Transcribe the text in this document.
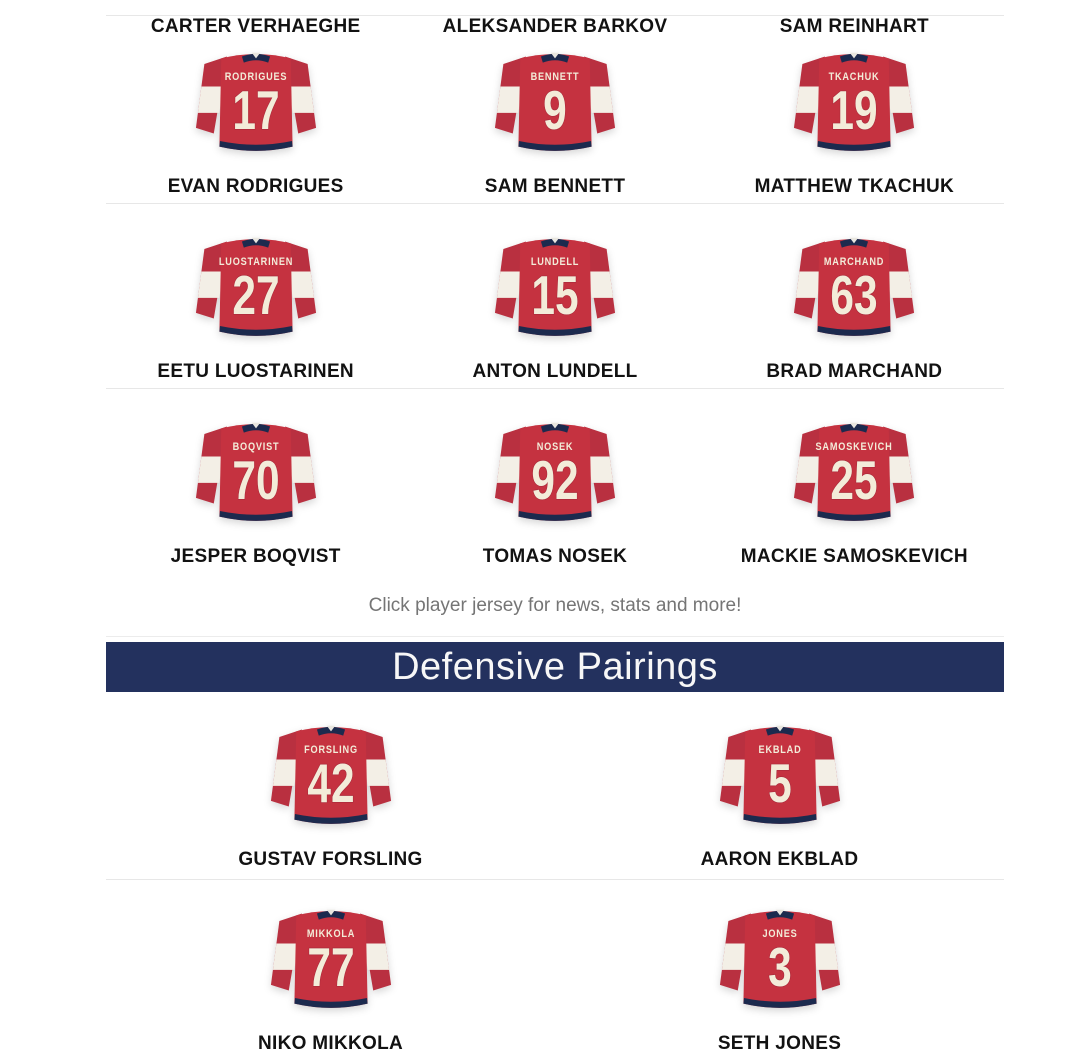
CARTER VERHAEGHE	ALEKSANDER BARKOV	SAM REINHART
RODRIGUES
17
EVAN RODRIGUES
BENNETT
9
SAM BENNETT
TKACHUK
19
MATTHEW TKACHUK
LUOSTARINEN
27
EETU LUOSTARINEN
LUNDELL
15
ANTON LUNDELL
MARCHAND
63
BRAD MARCHAND
BOQVIST
70
JESPER BOQVIST
NOSEK
92
TOMAS NOSEK
SAMOSKEVICH
25
MACKIE SAMOSKEVICH
Click player jersey for news, stats and more!
Defensive Pairings
FORSLING
42
GUSTAV FORSLING
EKBLAD
5
AARON EKBLAD
MIKKOLA
77
NIKO MIKKOLA
JONES
3
SETH JONES
